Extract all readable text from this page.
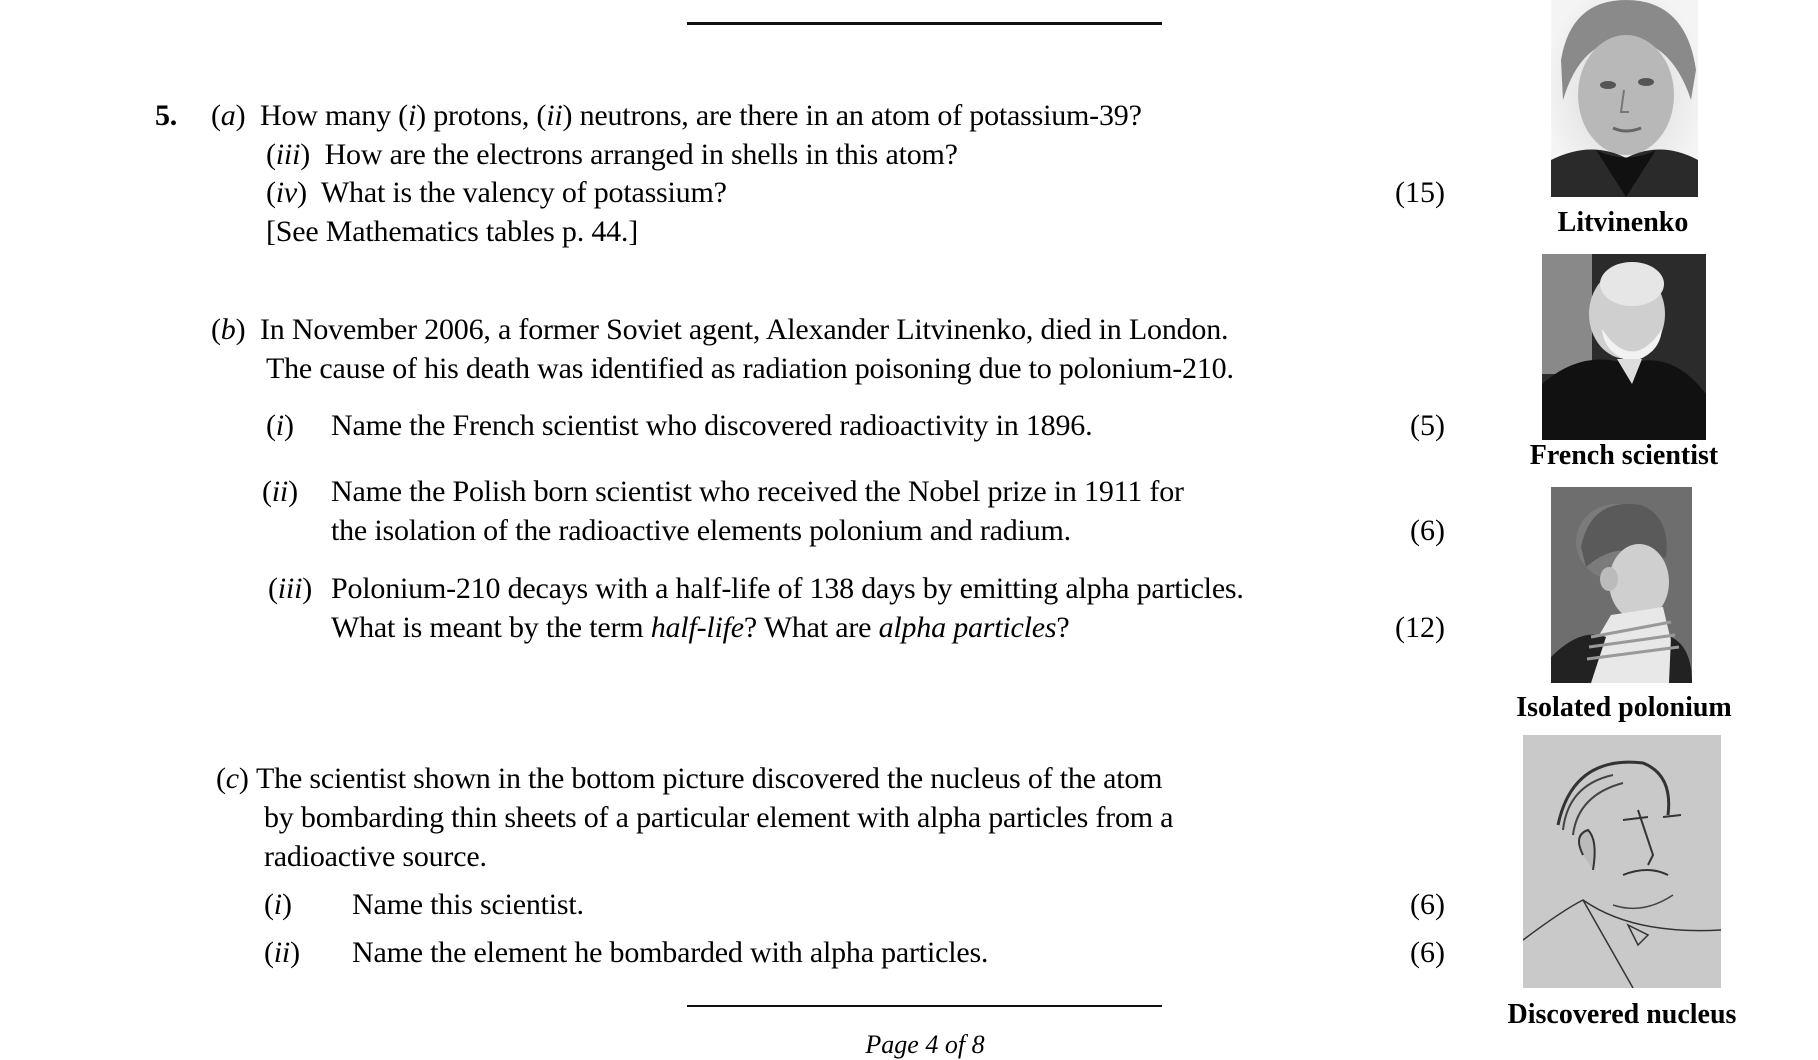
5. (a)  How many (i) protons, (ii) neutrons, are there in an atom of potassium-39?
(iii)  How are the electrons arranged in shells in this atom?
(iv)  What is the valency of potassium?	(15)
[See Mathematics tables p. 44.]
(b)  In November 2006, a former Soviet agent, Alexander Litvinenko, died in London.
The cause of his death was identified as radiation poisoning due to polonium-210.
(i) Name the French scientist who discovered radioactivity in 1896.	(5)
(ii) Name the Polish born scientist who received the Nobel prize in 1911 for
the isolation of the radioactive elements polonium and radium.	(6)
(iii) Polonium-210 decays with a half-life of 138 days by emitting alpha particles.
What is meant by the term half-life? What are alpha particles?	(12)
(c) The scientist shown in the bottom picture discovered the nucleus of the atom
by bombarding thin sheets of a particular element with alpha particles from a
radioactive source.
(i) Name this scientist.	(6)
(ii) Name the element he bombarded with alpha particles.	(6)
Page 4 of 8
Litvinenko
French scientist
Isolated polonium
Discovered nucleus
